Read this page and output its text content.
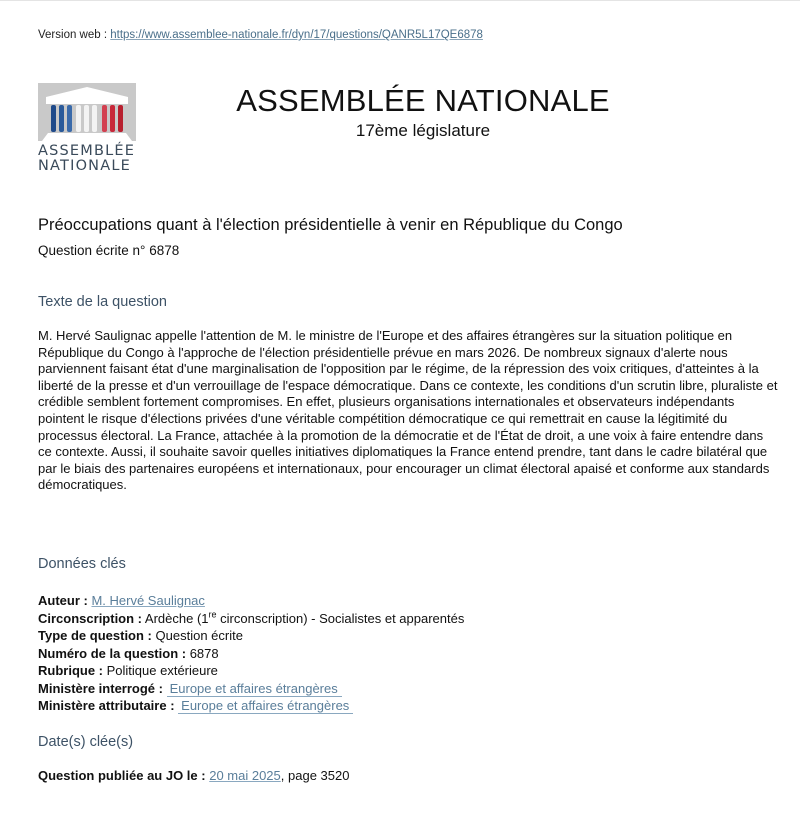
Version web : https://www.assemblee-nationale.fr/dyn/17/questions/QANR5L17QE6878
ASSEMBLÉE
NATIONALE
ASSEMBLÉE NATIONALE
17ème législature
Préoccupations quant à l'élection présidentielle à venir en République du Congo
Question écrite n° 6878
Texte de la question
M. Hervé Saulignac appelle l'attention de M. le ministre de l'Europe et des affaires étrangères sur la situation politique en République du Congo à l'approche de l'élection présidentielle prévue en mars 2026. De nombreux signaux d'alerte nous parviennent faisant état d'une marginalisation de l'opposition par le régime, de la répression des voix critiques, d'atteintes à la liberté de la presse et d'un verrouillage de l'espace démocratique. Dans ce contexte, les conditions d'un scrutin libre, pluraliste et crédible semblent fortement compromises. En effet, plusieurs organisations internationales et observateurs indépendants pointent le risque d'élections privées d'une véritable compétition démocratique ce qui remettrait en cause la légitimité du processus électoral. La France, attachée à la promotion de la démocratie et de l'État de droit, a une voix à faire entendre dans ce contexte. Aussi, il souhaite savoir quelles initiatives diplomatiques la France entend prendre, tant dans le cadre bilatéral que par le biais des partenaires européens et internationaux, pour encourager un climat électoral apaisé et conforme aux standards démocratiques.
Données clés
Auteur : M. Hervé Saulignac
Circonscription : Ardèche (1re circonscription) - Socialistes et apparentés
Type de question : Question écrite
Numéro de la question : 6878
Rubrique : Politique extérieure
Ministère interrogé : Europe et affaires étrangères
Ministère attributaire : Europe et affaires étrangères
Date(s) clée(s)
Question publiée au JO le : 20 mai 2025, page 3520
